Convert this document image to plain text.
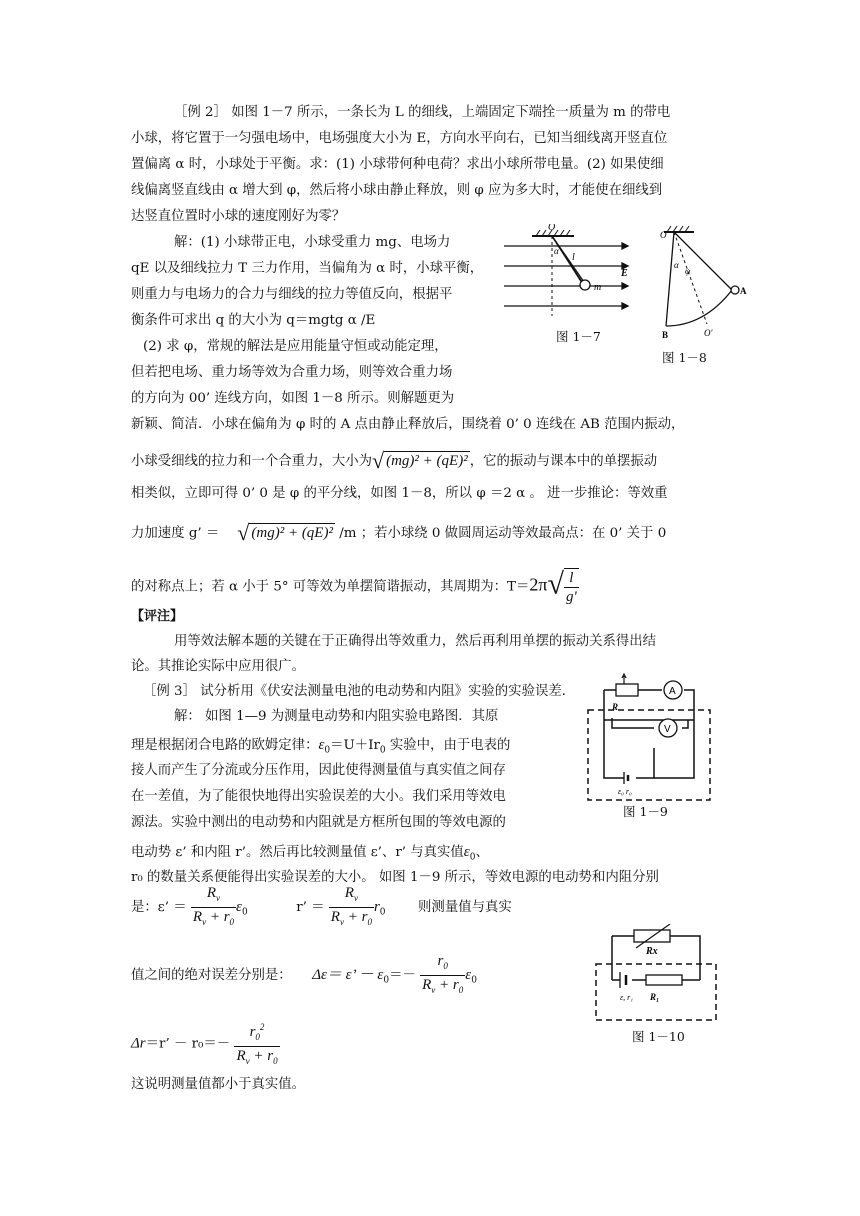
［例 2］ 如图 1－7 所示，一条长为 L 的细线，上端固定下端拴一质量为 m 的带电
小球，将它置于一匀强电场中，电场强度大小为 E，方向水平向右，已知当细线离开竖直位
置偏离 α 时，小球处于平衡。求：(1) 小球带何种电荷？求出小球所带电量。(2) 如果使细
线偏离竖直线由 α 增大到 φ，然后将小球由静止释放，则 φ 应为多大时，才能使在细线到
达竖直位置时小球的速度刚好为零？
解：(1) 小球带正电，小球受重力 mg、电场力
qE 以及细线拉力 T 三力作用，当偏角为 α 时，小球平衡，
则重力与电场力的合力与细线的拉力等值反向，根据平
衡条件可求出 q 的大小为 q＝mgtg α /E
(2) 求 φ，常规的解法是应用能量守恒或动能定理，
但若把电场、重力场等效为合重力场，则等效合重力场
的方向为 00’ 连线方向，如图 1－8 所示。则解题更为
新颖、简洁．小球在偏角为 φ 时的 A 点由静止释放后，围绕着 0’ 0 连线在 AB 范围内振动，
小球受细线的拉力和一个合重力，大小为√ (mg)² + (qE)² ，它的振动与课本中的单摆振动
相类似，立即可得 0’ 0 是 φ 的平分线，如图 1－8，所以 φ ＝2 α 。 进一步推论：等效重
力加速度 g’ ＝ √ (mg)² + (qE)² /m ；若小球绕 0 做圆周运动等效最高点：在 0’ 关于 0
的对称点上；若 α 小于 5° 可等效为单摆简谐振动，其周期为：$T=2\pi√ \frac{l}{g'}$
O
l
α
E
m
图 1－7
O
α
φ
A
B	O'
图 1－8
【评注】
用等效法解本题的关键在于正确得出等效重力，然后再利用单摆的振动关系得出结
论。其推论实际中应用很广。
［例 3］ 试分析用《伏安法测量电池的电动势和内阻》实验的实验误差．
解： 如图 1—9 为测量电动势和内阻实验电路图．其原
理是根据闭合电路的欧姆定律：$\varepsilon_0=U+Ir_0$ 实验中，由于电表的
接人而产生了分流或分压作用，因此使得测量值与真实值之间存
在一差值，为了能很快地得出实验误差的大小。我们采用等效电
源法。实验中测出的电动势和内阻就是方框所包围的等效电源的
电动势 ε’ 和内阻 r’。然后再比较测量值 ε’、r’ 与真实值$\varepsilon_0$、
r₀ 的数量关系便能得出实验误差的大小。 如图 1－9 所示，等效电源的电动势和内阻分别
是：ε’ ＝ $\frac{R_v}{R_v + r_0} \varepsilon_0$	r’ ＝ $\frac{R_v}{R_v + r_0} r_0$ 则测量值与真实
值之间的绝对误差分别是： Δε＝ ε’ － $\varepsilon_0=- \frac{r_0}{R_v + r_0} \varepsilon_0$
Δr＝r’ － $r_0=- \frac{r_0^2}{R_v + r_0}$
这说明测量值都小于真实值。
A
V
R
ε₀ r₀
图 1－9
Rx
R₁
ε, r₁
图 1－10
